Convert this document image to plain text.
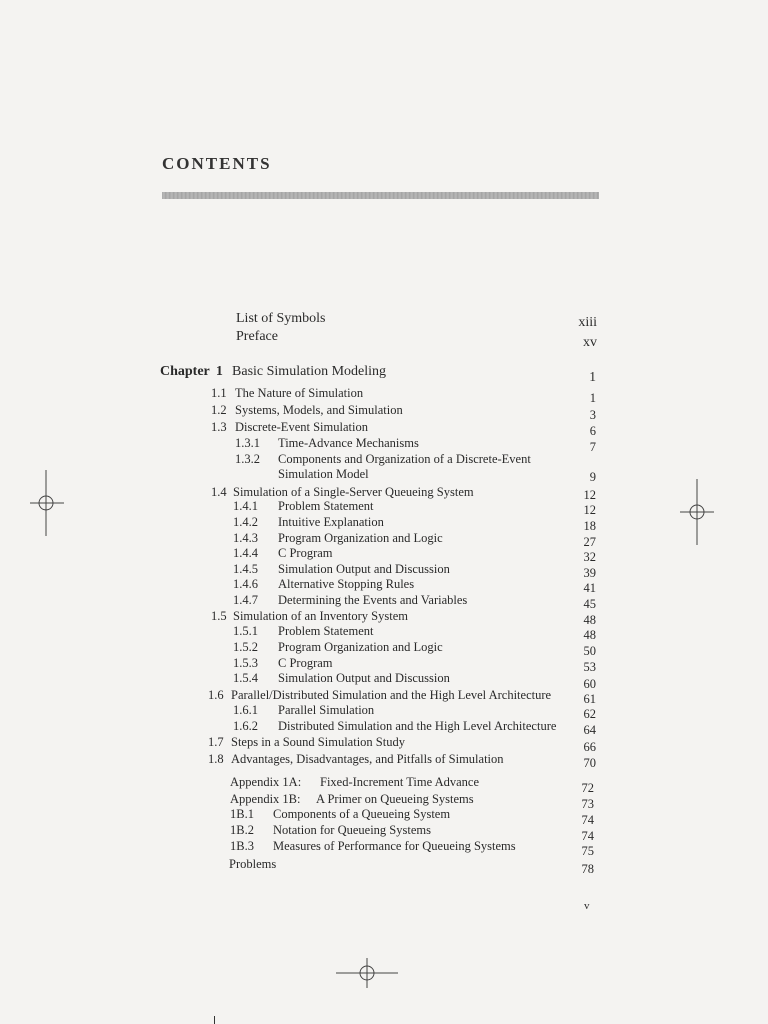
CONTENTS
List of Symbols	xiii
Preface	xv
Chapter 1 Basic Simulation Modeling	1
1.1 The Nature of Simulation	1
1.2 Systems, Models, and Simulation	3
1.3 Discrete-Event Simulation	6
1.3.1 Time-Advance Mechanisms	7
1.3.2 Components and Organization of a Discrete-Event
Simulation Model	9
1.4 Simulation of a Single-Server Queueing System	12
1.4.1 Problem Statement	12
1.4.2 Intuitive Explanation	18
1.4.3 Program Organization and Logic	27
1.4.4 C Program	32
1.4.5 Simulation Output and Discussion	39
1.4.6 Alternative Stopping Rules	41
1.4.7 Determining the Events and Variables	45
1.5 Simulation of an Inventory System	48
1.5.1 Problem Statement	48
1.5.2 Program Organization and Logic	50
1.5.3 C Program	53
1.5.4 Simulation Output and Discussion	60
1.6 Parallel/Distributed Simulation and the High Level Architecture	61
1.6.1 Parallel Simulation	62
1.6.2 Distributed Simulation and the High Level Architecture	64
1.7 Steps in a Sound Simulation Study	66
1.8 Advantages, Disadvantages, and Pitfalls of Simulation	70
Appendix 1A: Fixed-Increment Time Advance	72
Appendix 1B: A Primer on Queueing Systems	73
1B.1 Components of a Queueing System	74
1B.2 Notation for Queueing Systems	74
1B.3 Measures of Performance for Queueing Systems	75
Problems	78
v
